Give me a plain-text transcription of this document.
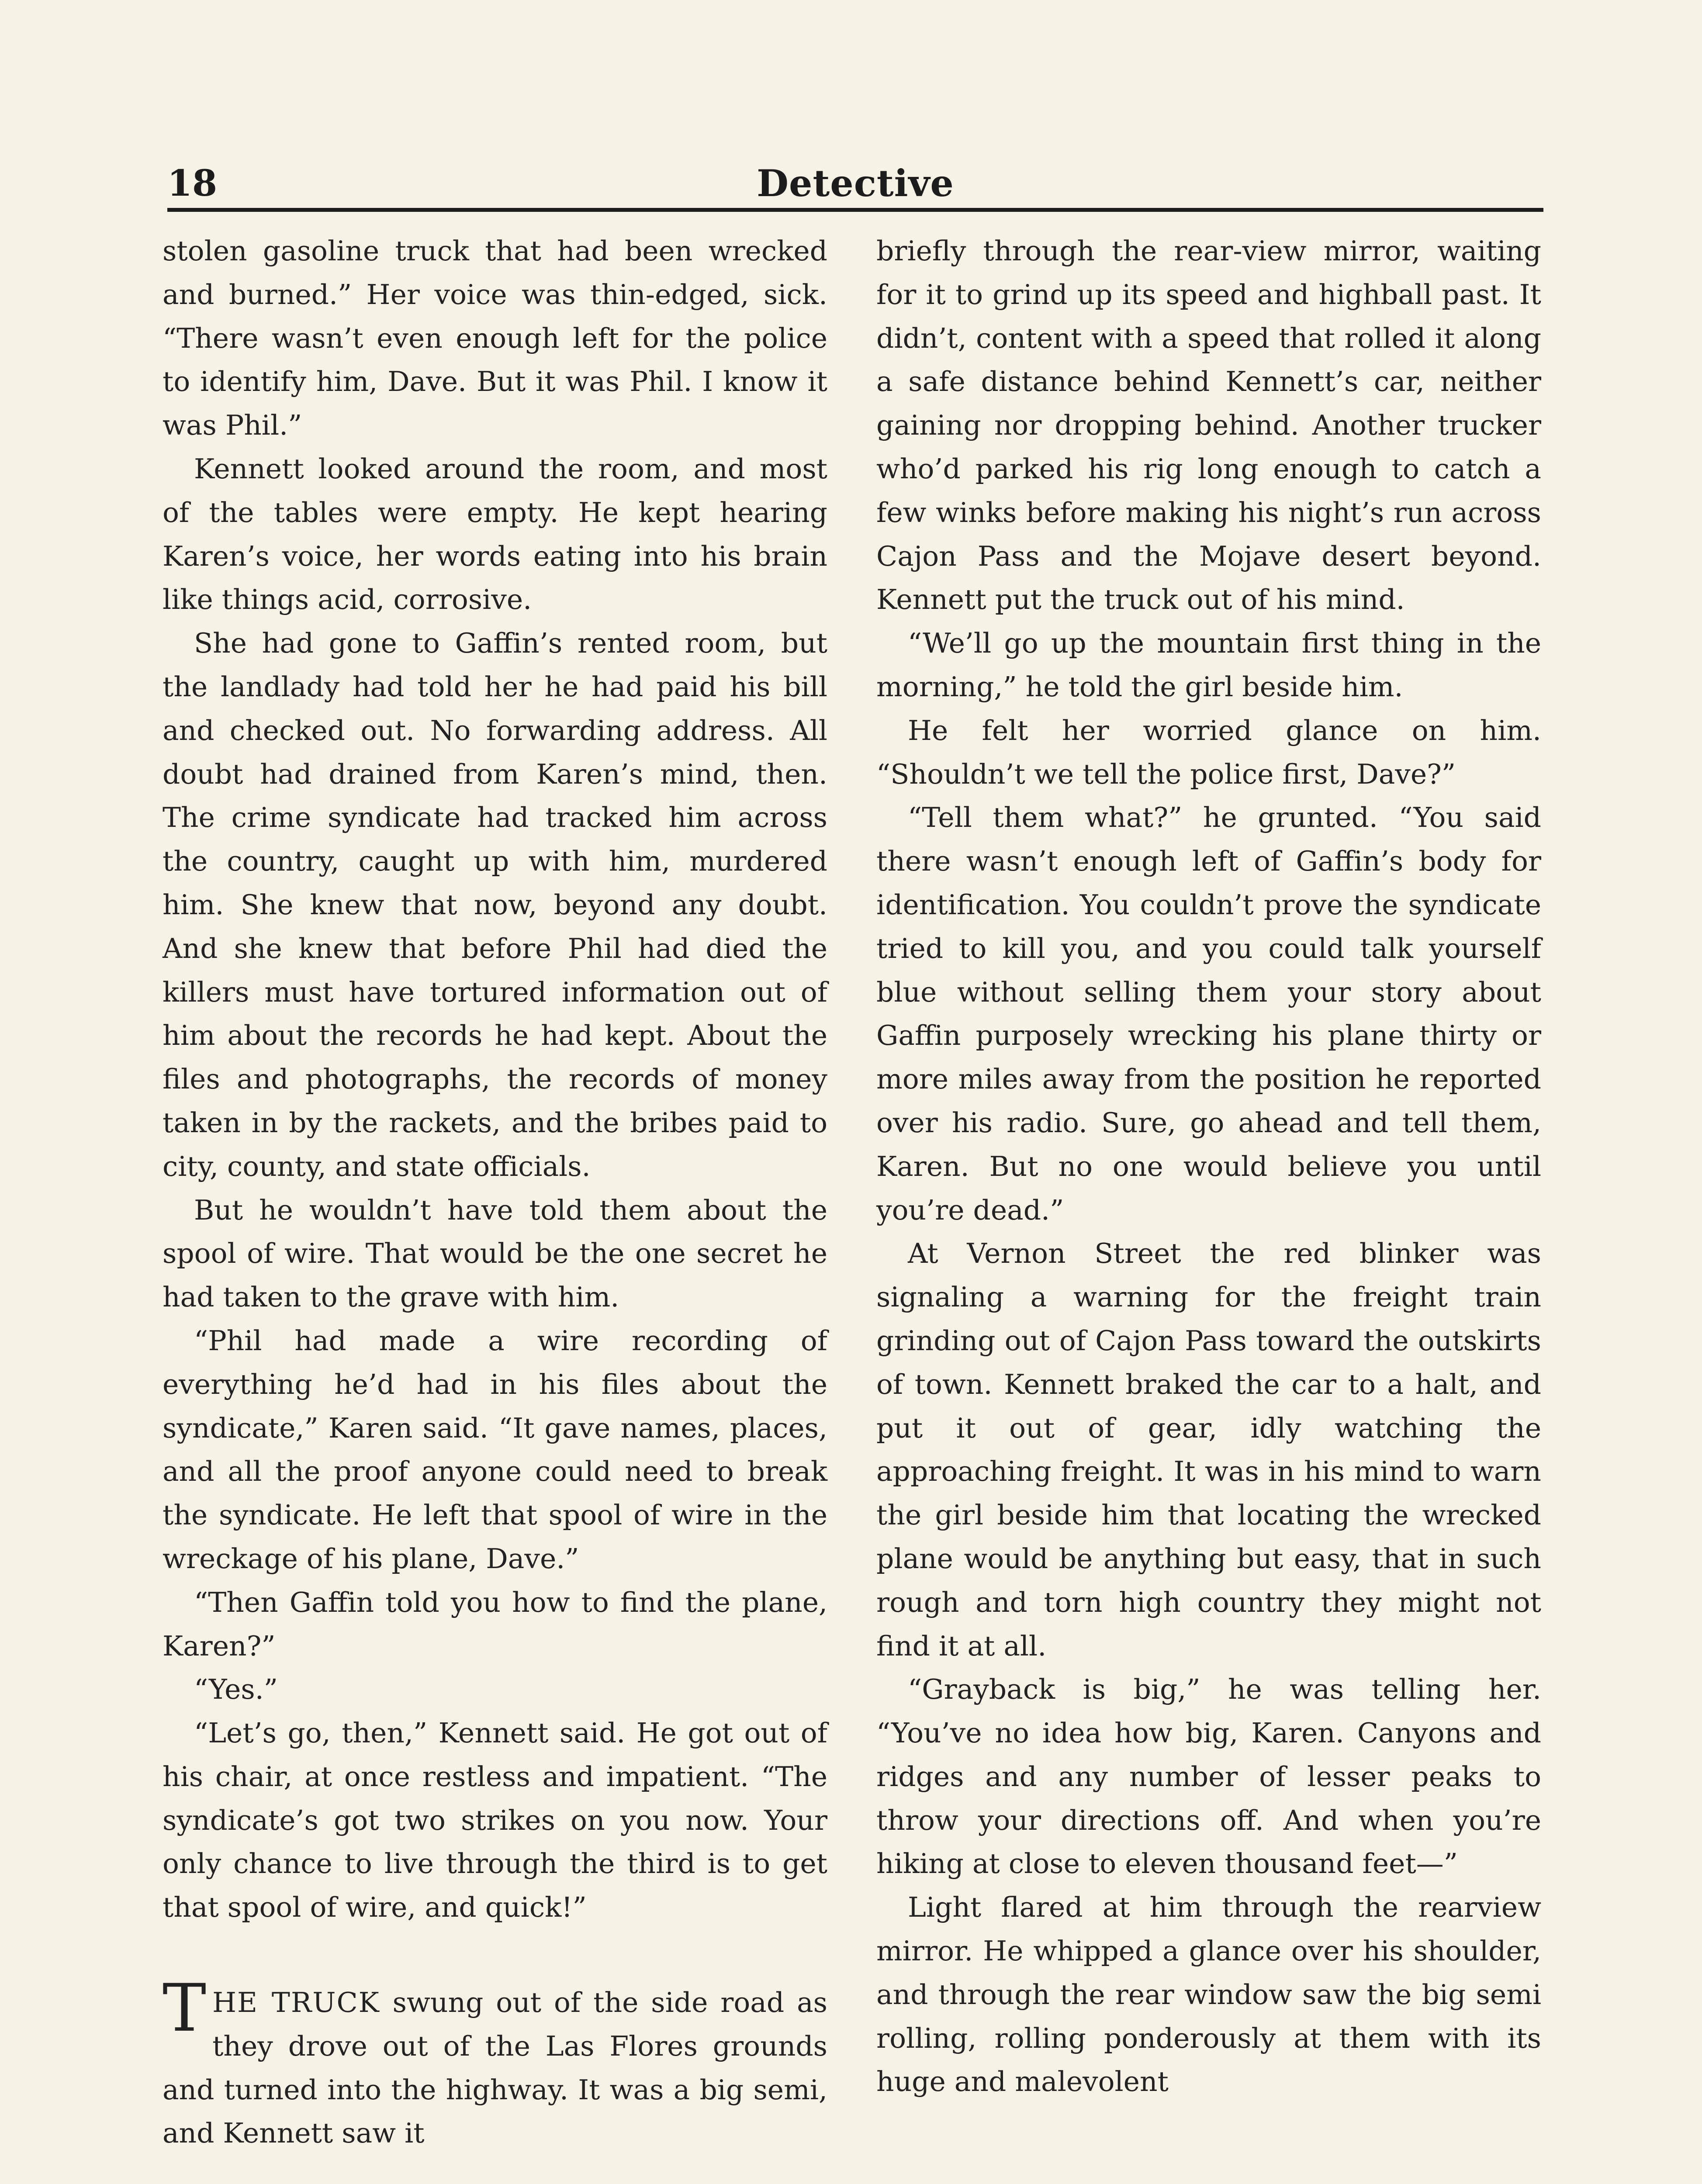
18	Detective

stolen gasoline truck that had been wrecked and burned.” Her voice was thin-edged, sick. “There wasn’t even enough left for the police to identify him, Dave. But it was Phil. I know it was Phil.”

Kennett looked around the room, and most of the tables were empty. He kept hearing Karen’s voice, her words eating into his brain like things acid, corrosive.

She had gone to Gaffin’s rented room, but the landlady had told her he had paid his bill and checked out. No forwarding address. All doubt had drained from Karen’s mind, then. The crime syndicate had tracked him across the country, caught up with him, murdered him. She knew that now, beyond any doubt. And she knew that before Phil had died the killers must have tortured information out of him about the records he had kept. About the files and photographs, the records of money taken in by the rackets, and the bribes paid to city, county, and state officials.

But he wouldn’t have told them about the spool of wire. That would be the one secret he had taken to the grave with him.

“Phil had made a wire recording of everything he’d had in his files about the syndicate,” Karen said. “It gave names, places, and all the proof anyone could need to break the syndicate. He left that spool of wire in the wreckage of his plane, Dave.”

“Then Gaffin told you how to find the plane, Karen?”

“Yes.”

“Let’s go, then,” Kennett said. He got out of his chair, at once restless and impatient. “The syndicate’s got two strikes on you now. Your only chance to live through the third is to get that spool of wire, and quick!”

THE TRUCK swung out of the side road as they drove out of the Las Flores grounds and turned into the highway. It was a big semi, and Kennett saw it

briefly through the rear-view mirror, waiting for it to grind up its speed and highball past. It didn’t, content with a speed that rolled it along a safe distance behind Kennett’s car, neither gaining nor dropping behind. Another trucker who’d parked his rig long enough to catch a few winks before making his night’s run across Cajon Pass and the Mojave desert beyond. Kennett put the truck out of his mind.

“We’ll go up the mountain first thing in the morning,” he told the girl beside him.

He felt her worried glance on him. “Shouldn’t we tell the police first, Dave?”

“Tell them what?” he grunted. “You said there wasn’t enough left of Gaffin’s body for identification. You couldn’t prove the syndicate tried to kill you, and you could talk yourself blue without selling them your story about Gaffin purposely wrecking his plane thirty or more miles away from the position he reported over his radio. Sure, go ahead and tell them, Karen. But no one would believe you until you’re dead.”

At Vernon Street the red blinker was signaling a warning for the freight train grinding out of Cajon Pass toward the outskirts of town. Kennett braked the car to a halt, and put it out of gear, idly watching the approaching freight. It was in his mind to warn the girl beside him that locating the wrecked plane would be anything but easy, that in such rough and torn high country they might not find it at all.

“Grayback is big,” he was telling her. “You’ve no idea how big, Karen. Canyons and ridges and any number of lesser peaks to throw your directions off. And when you’re hiking at close to eleven thousand feet—”

Light flared at him through the rearview mirror. He whipped a glance over his shoulder, and through the rear window saw the big semi rolling, rolling ponderously at them with its huge and malevolent
